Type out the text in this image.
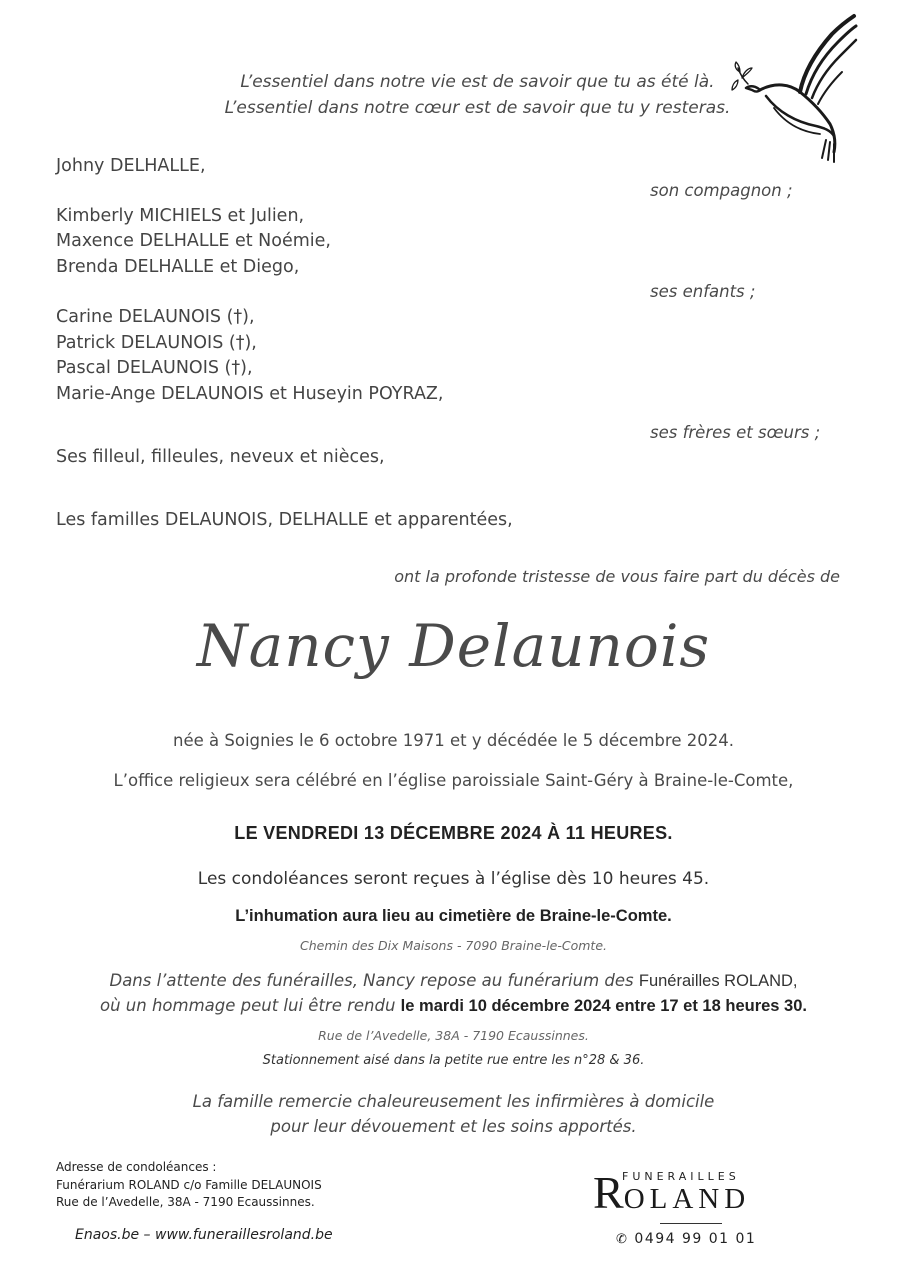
L’essentiel dans notre vie est de savoir que tu as été là.
L’essentiel dans notre cœur est de savoir que tu y resteras.
Johny DELHALLE,
son compagnon ;
Kimberly MICHIELS et Julien,
Maxence DELHALLE et Noémie,
Brenda DELHALLE et Diego,
ses enfants ;
Carine DELAUNOIS (†),
Patrick DELAUNOIS (†),
Pascal DELAUNOIS (†),
Marie-Ange DELAUNOIS et Huseyin POYRAZ,
ses frères et sœurs ;
Ses filleul, filleules, neveux et nièces,
Les familles DELAUNOIS, DELHALLE et apparentées,
ont la profonde tristesse de vous faire part du décès de
Nancy Delaunois
née à Soignies le 6 octobre 1971 et y décédée le 5 décembre 2024.
L’office religieux sera célébré en l’église paroissiale Saint-Géry à Braine-le-Comte,
LE VENDREDI 13 DÉCEMBRE 2024 À 11 HEURES.
Les condoléances seront reçues à l’église dès 10 heures 45.
L’inhumation aura lieu au cimetière de Braine-le-Comte.
Chemin des Dix Maisons - 7090 Braine-le-Comte.
Dans l’attente des funérailles, Nancy repose au funérarium des Funérailles ROLAND,
où un hommage peut lui être rendu le mardi 10 décembre 2024 entre 17 et 18 heures 30.
Rue de l’Avedelle, 38A - 7190 Ecaussinnes.
Stationnement aisé dans la petite rue entre les n°28 & 36.
La famille remercie chaleureusement les infirmières à domicile
pour leur dévouement et les soins apportés.
Adresse de condoléances :
Funérarium ROLAND c/o Famille DELAUNOIS
Rue de l’Avedelle, 38A - 7190 Ecaussinnes.
Enaos.be – www.funeraillesroland.be
FUNERAILLES
ROLAND
✆ 0494 99 01 01
